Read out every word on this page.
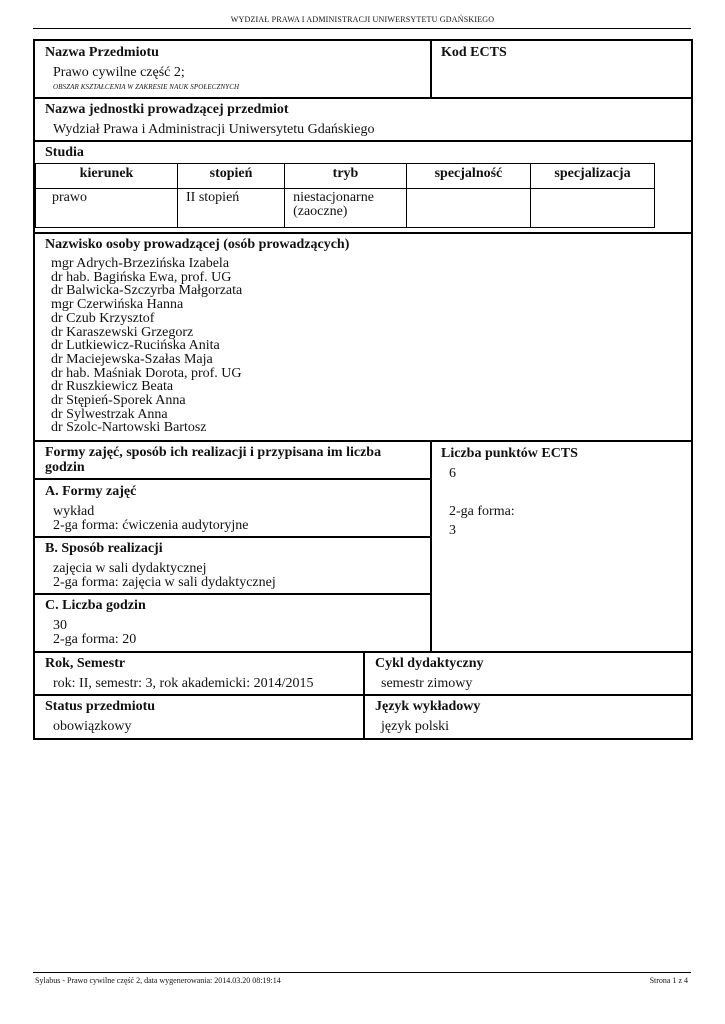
WYDZIAŁ PRAWA I ADMINISTRACJI UNIWERSYTETU GDAŃSKIEGO
Nazwa Przedmiotu
Prawo cywilne część 2;
OBSZAR KSZTAŁCENIA W ZAKRESIE NAUK SPOŁECZNYCH
Kod ECTS
Nazwa jednostki prowadzącej przedmiot
Wydział Prawa i Administracji Uniwersytetu Gdańskiego
Studia
Nazwisko osoby prowadzącej (osób prowadzących)
Formy zajęć, sposób ich realizacji i przypisana im liczba
godzin
A. Formy zajęć
wykład
2-ga forma: ćwiczenia audytoryjne
B. Sposób realizacji
zajęcia w sali dydaktycznej
2-ga forma: zajęcia w sali dydaktycznej
C. Liczba godzin
30
2-ga forma: 20
Liczba punktów ECTS
6
2-ga forma:
3
Rok, Semestr
rok: II, semestr: 3, rok akademicki: 2014/2015
Cykl dydaktyczny
semestr zimowy
Status przedmiotu
obowiązkowy
Język wykładowy
język polski
kierunek	stopień	tryb	specjalność	specjalizacja
prawo	II stopień	niestacjonarne
(zaoczne)		

mgr Adrych-Brzezińska Izabela
dr hab. Bagińska Ewa, prof. UG
dr Balwicka-Szczyrba Małgorzata
mgr Czerwińska Hanna
dr Czub Krzysztof
dr Karaszewski Grzegorz
dr Lutkiewicz-Rucińska Anita
dr Maciejewska-Szałas Maja
dr hab. Maśniak Dorota, prof. UG
dr Ruszkiewicz Beata
dr Stępień-Sporek Anna
dr Sylwestrzak Anna
dr Szolc-Nartowski Bartosz
Sylabus - Prawo cywilne część 2, data wygenerowania: 2014.03.20 08:19:14	Strona 1 z 4
